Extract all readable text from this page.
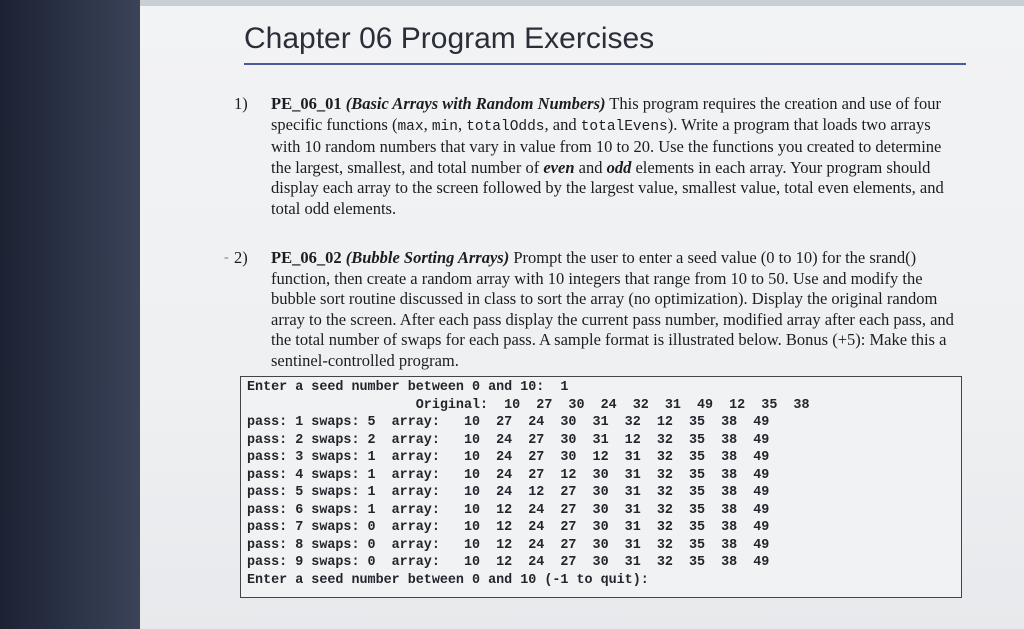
Chapter 06 Program Exercises
1) PE_06_01 (Basic Arrays with Random Numbers) This program requires the creation and use of four specific functions (max, min, totalOdds, and totalEvens). Write a program that loads two arrays with 10 random numbers that vary in value from 10 to 20. Use the functions you created to determine the largest, smallest, and total number of even and odd elements in each array. Your program should display each array to the screen followed by the largest value, smallest value, total even elements, and total odd elements.
- 2) PE_06_02 (Bubble Sorting Arrays) Prompt the user to enter a seed value (0 to 10) for the srand() function, then create a random array with 10 integers that range from 10 to 50. Use and modify the bubble sort routine discussed in class to sort the array (no optimization). Display the original random array to the screen. After each pass display the current pass number, modified array after each pass, and the total number of swaps for each pass. A sample format is illustrated below. Bonus (+5): Make this a sentinel-controlled program.
Enter a seed number between 0 and 10:  1
Original:  10  27  30  24  32  31  49  12  35  38
pass: 1 swaps: 5  array:   10  27  24  30  31  32  12  35  38  49
pass: 2 swaps: 2  array:   10  24  27  30  31  12  32  35  38  49
pass: 3 swaps: 1  array:   10  24  27  30  12  31  32  35  38  49
pass: 4 swaps: 1  array:   10  24  27  12  30  31  32  35  38  49
pass: 5 swaps: 1  array:   10  24  12  27  30  31  32  35  38  49
pass: 6 swaps: 1  array:   10  12  24  27  30  31  32  35  38  49
pass: 7 swaps: 0  array:   10  12  24  27  30  31  32  35  38  49
pass: 8 swaps: 0  array:   10  12  24  27  30  31  32  35  38  49
pass: 9 swaps: 0  array:   10  12  24  27  30  31  32  35  38  49
Enter a seed number between 0 and 10 (-1 to quit):
